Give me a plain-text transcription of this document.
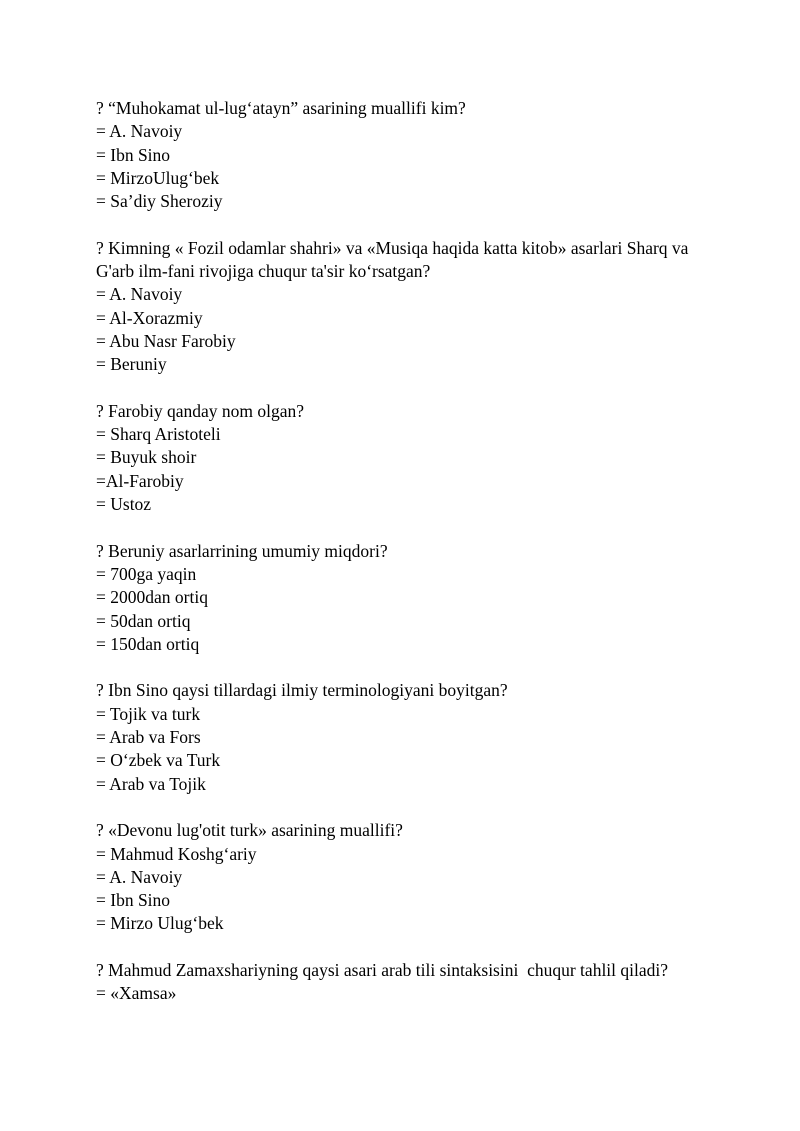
? “Muhokamat ul-lug‘atayn” asarining muallifi kim?
= A. Navoiy
= Ibn Sino
= MirzoUlug‘bek
= Sa’diy Sheroziy
? Kimning « Fozil odamlar shahri» va «Musiqa haqida katta kitob» asarlari Sharq va G'arb ilm-fani rivojiga chuqur ta'sir ko‘rsatgan?
= A. Navoiy
= Al-Xorazmiy
= Abu Nasr Farobiy
= Beruniy
? Farobiy qanday nom olgan?
= Sharq Aristoteli
= Buyuk shoir
=Al-Farobiy
= Ustoz
? Beruniy asarlarrining umumiy miqdori?
= 700ga yaqin
= 2000dan ortiq
= 50dan ortiq
= 150dan ortiq
? Ibn Sino qaysi tillardagi ilmiy terminologiyani boyitgan?
= Tojik va turk
= Arab va Fors
= O‘zbek va Turk
= Arab va Tojik
? «Devonu lug'otit turk» asarining muallifi?
= Mahmud Koshg‘ariy
= A. Navoiy
= Ibn Sino
= Mirzo Ulug‘bek
? Mahmud Zamaxshariyning qaysi asari arab tili sintaksisini  chuqur tahlil qiladi?
= «Xamsa»
